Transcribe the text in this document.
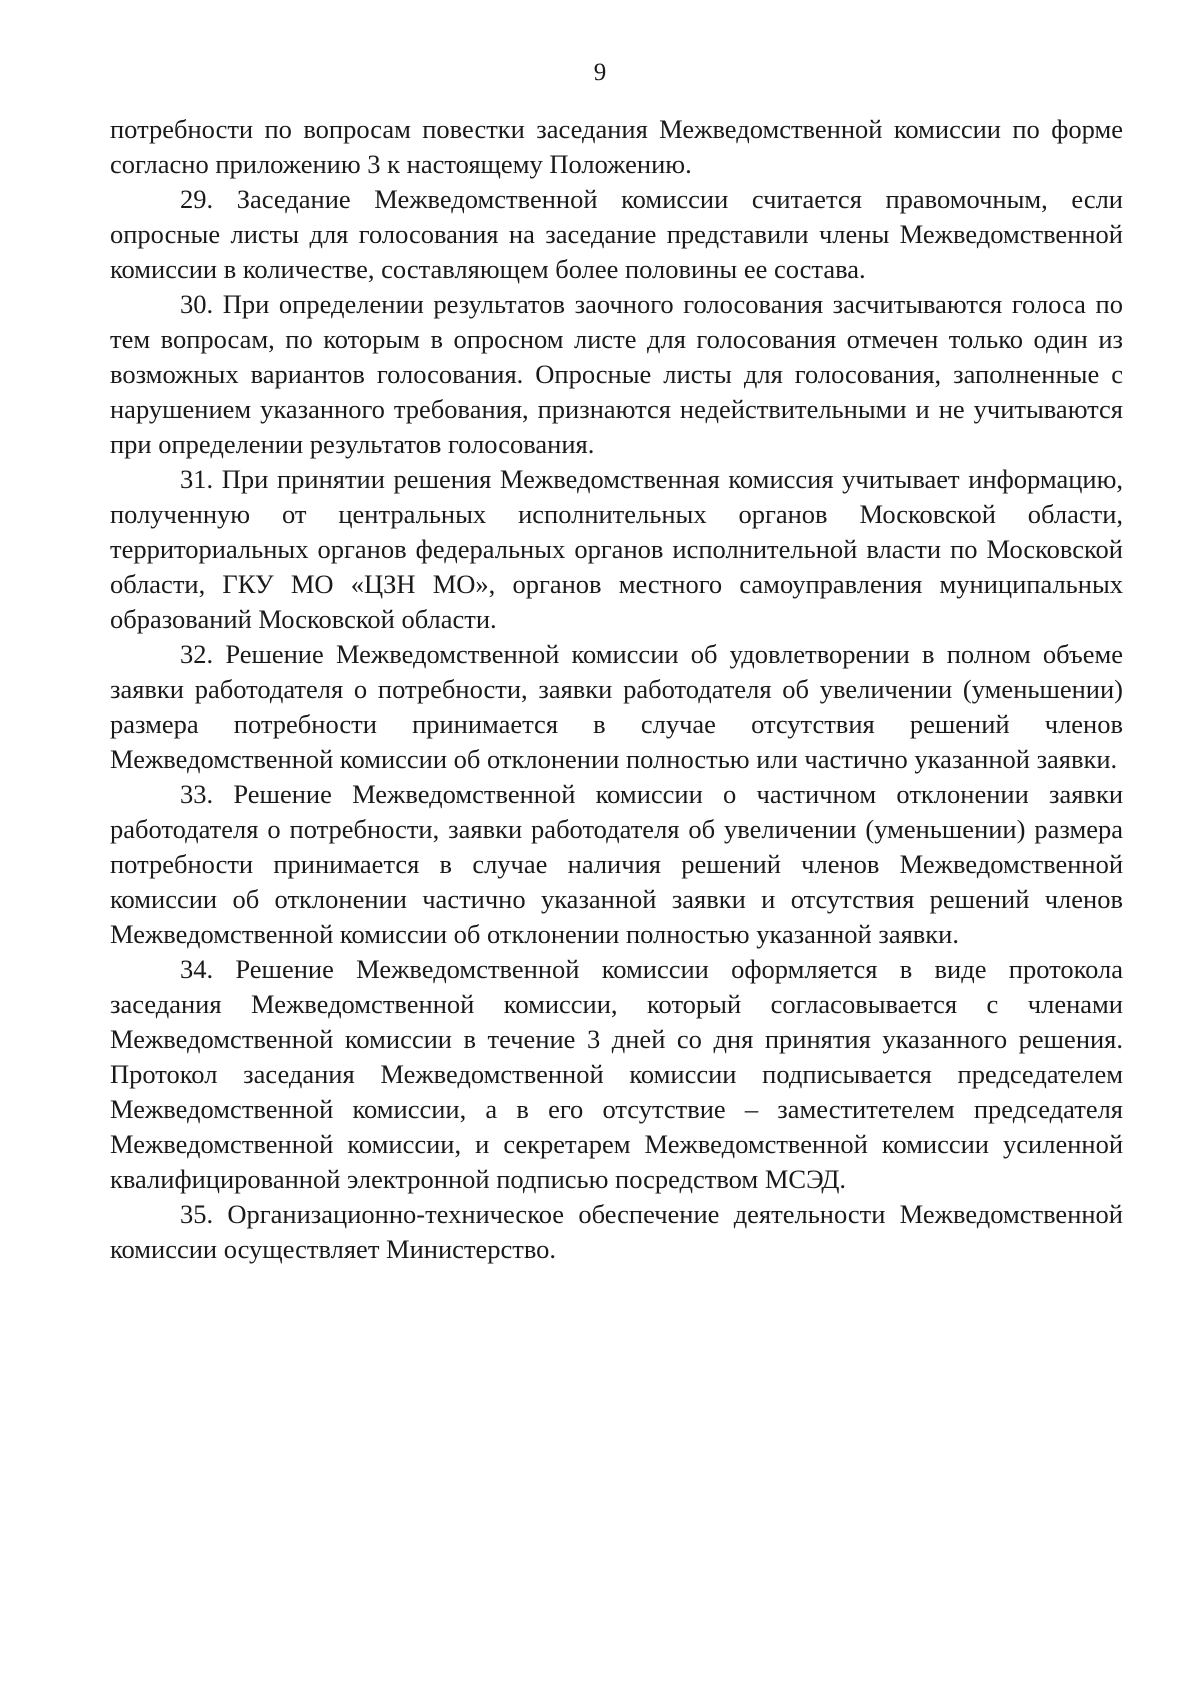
9

потребности по вопросам повестки заседания Межведомственной комиссии по форме согласно приложению 3 к настоящему Положению.

29. Заседание Межведомственной комиссии считается правомочным, если опросные листы для голосования на заседание представили члены Межведомственной комиссии в количестве, составляющем более половины ее состава.

30. При определении результатов заочного голосования засчитываются голоса по тем вопросам, по которым в опросном листе для голосования отмечен только один из возможных вариантов голосования. Опросные листы для голосования, заполненные с нарушением указанного требования, признаются недействительными и не учитываются при определении результатов голосования.

31. При принятии решения Межведомственная комиссия учитывает информацию, полученную от центральных исполнительных органов Московской области, территориальных органов федеральных органов исполнительной власти по Московской области, ГКУ МО «ЦЗН МО», органов местного самоуправления муниципальных образований Московской области.

32. Решение Межведомственной комиссии об удовлетворении в полном объеме заявки работодателя о потребности, заявки работодателя об увеличении (уменьшении) размера потребности принимается в случае отсутствия решений членов Межведомственной комиссии об отклонении полностью или частично указанной заявки.

33. Решение Межведомственной комиссии о частичном отклонении заявки работодателя о потребности, заявки работодателя об увеличении (уменьшении) размера потребности принимается в случае наличия решений членов Межведомственной комиссии об отклонении частично указанной заявки и отсутствия решений членов Межведомственной комиссии об отклонении полностью указанной заявки.

34. Решение Межведомственной комиссии оформляется в виде протокола заседания Межведомственной комиссии, который согласовывается с членами Межведомственной комиссии в течение 3 дней со дня принятия указанного решения. Протокол заседания Межведомственной комиссии подписывается председателем Межведомственной комиссии, а в его отсутствие – заместитетелем председателя Межведомственной комиссии, и секретарем Межведомственной комиссии усиленной квалифицированной электронной подписью посредством МСЭД.

35. Организационно-техническое обеспечение деятельности Межведомственной комиссии осуществляет Министерство.
